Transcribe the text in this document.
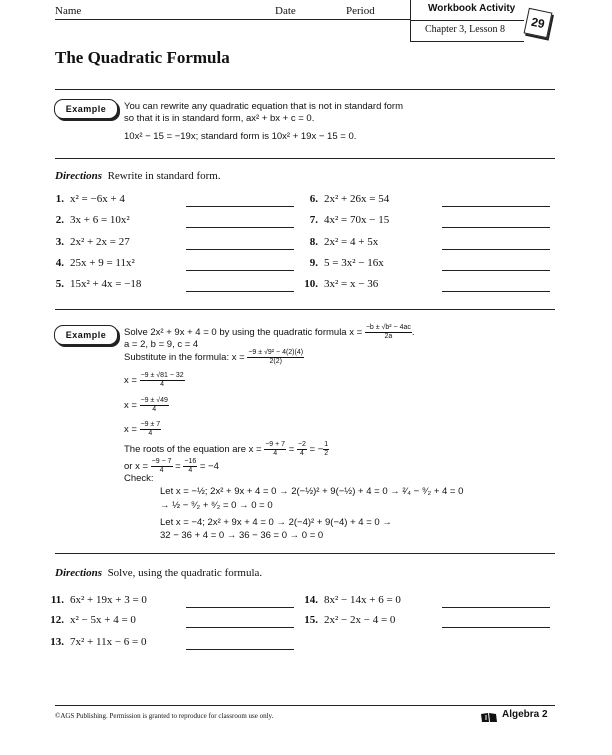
Name	Date	Period	Workbook Activity
Chapter 3, Lesson 8	29
The Quadratic Formula
Example	You can rewrite any quadratic equation that is not in standard form
so that it is in standard form, ax² + bx + c = 0.
10x² − 15 = −19x; standard form is 10x² + 19x − 15 = 0.
Directions Rewrite in standard form.
1. x² = −6x + 4
2. 3x + 6 = 10x²
3. 2x² + 2x = 27
4. 25x + 9 = 11x²
5. 15x² + 4x = −18
6. 2x² + 26x = 54
7. 4x² = 70x − 15
8. 2x² = 4 + 5x
9. 5 = 3x² − 16x
10. 3x² = x − 36
Example	Solve 2x² + 9x + 4 = 0 by using the quadratic formula $x = \frac{\text{−b ± √b² − 4ac}}{2a}$ .
a = 2, b = 9, c = 4
Substitute in the formula: $x = \frac{\text{−9 ± √9² − 4(2)(4)}}{2(2)}$
$x = \frac{-9 \pm √81 - 32}{4}$
$x = \frac{-9 \pm √49}{4}$
$x = \frac{-9 \pm 7}{4}$
The roots of the equation are $x = \frac{-9 + 7}{4} = \frac{-2}{4}$ = − $\frac{1}{2}$
or $x = \frac{-9 - 7}{4} = \frac{-16}{4} = -4$
Check:
Let x = −½; 2x² + 9x + 4 = 0 → 2(−½)² + 9(−½) + 4 = 0 → ²⁄₄ − ⁹⁄₂ + 4 = 0
→ ½ − ⁹⁄₂ + ⁸⁄₂ = 0 → 0 = 0
Let x = −4; 2x² + 9x + 4 = 0 → 2(−4)² + 9(−4) + 4 = 0 →
32 − 36 + 4 = 0 → 36 − 36 = 0 → 0 = 0
Directions Solve, using the quadratic formula.
11. 6x² + 19x + 3 = 0
12. x² − 5x + 4 = 0
13. 7x² + 11x − 6 = 0
14. 8x² − 14x + 6 = 0
15. 2x² − 2x − 4 = 0
©AGS Publishing. Permission is granted to reproduce for classroom use only.	Algebra 2
